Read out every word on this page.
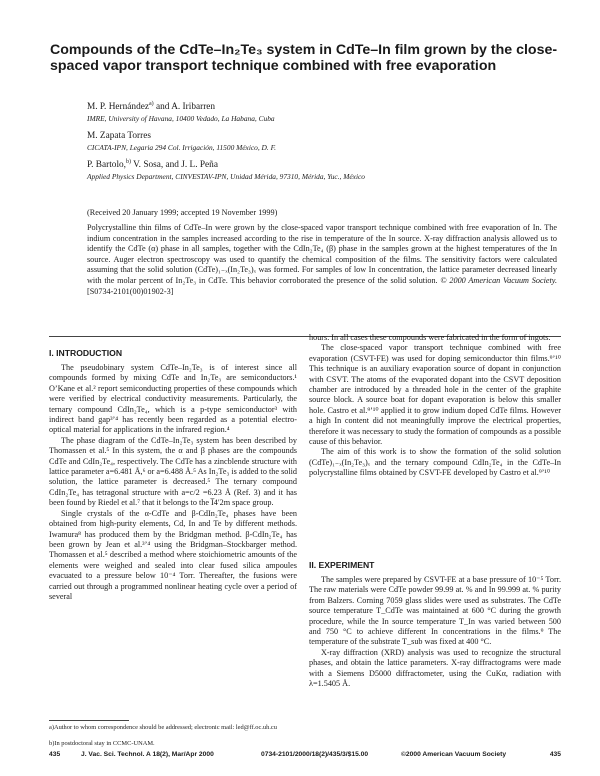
Compounds of the CdTe–In₂Te₃ system in CdTe–In film grown by the close-spaced vapor transport technique combined with free evaporation
M. P. Hernández$^{a)}$ and A. Iribarren
IMRE, University of Havana, 10400 Vedado, La Habana, Cuba
M. Zapata Torres
CICATA-IPN, Legaria 294 Col. Irrigación, 11500 México, D. F.
P. Bartolo,$^{b)}$ V. Sosa, and J. L. Peña
Applied Physics Department, CINVESTAV-IPN, Unidad Mérida, 97310, Mérida, Yuc., México
(Received 20 January 1999; accepted 19 November 1999)

Polycrystalline thin films of CdTe–In were grown by the close-spaced vapor transport technique combined with free evaporation of In. The indium concentration in the samples increased according to the rise in temperature of the In source. X-ray diffraction analysis allowed us to identify the CdTe (α) phase in all samples, together with the CdIn₂Te₄ (β) phase in the samples grown at the highest temperatures of the In source. Auger electron spectroscopy was used to quantify the chemical composition of the films. The sensitivity factors were calculated assuming that the solid solution (CdTe)₁₋ₓ(In₂Te₃)ₓ was formed. For samples of low In concentration, the lattice parameter decreased linearly with the molar percent of In₂Te₃ in CdTe. This behavior corroborated the presence of the solid solution. © 2000 American Vacuum Society. [S0734-2101(00)01902-3]

I. INTRODUCTION

The pseudobinary system CdTe–In₂Te₃ is of interest since all compounds formed by mixing CdTe and In₂Te₃ are semiconductors.¹ O’Kane et al.² report semiconducting properties of these compounds which were verified by electrical conductivity measurements. Particularly, the ternary compound CdIn₂Te₄, which is a p-type semiconductor³ with indirect band gap³ʼ⁴ has recently been regarded as a potential electro-optical material for applications in the infrared region.⁴

The phase diagram of the CdTe–In₂Te₃ system has been described by Thomassen et al.⁵ In this system, the α and β phases are the compounds CdTe and CdIn₂Te₄, respectively. The CdTe has a zincblende structure with lattice parameter a=6.481 Å,⁶ or a=6.488 Å.⁵ As In₂Te₃ is added to the solid solution, the lattice parameter is decreased.⁵ The ternary compound CdIn₂Te₄ has tetragonal structure with a=c/2 =6.23 Å (Ref. 3) and it has been found by Riedel et al.⁷ that it belongs to the I̅4′2m space group.

Single crystals of the α-CdTe and β-CdIn₂Te₄ phases have been obtained from high-purity elements, Cd, In and Te by different methods. Iwamura⁸ has produced them by the Bridgman method. β-CdIn₂Te₄ has been grown by Jean et al.³ʼ⁴ using the Bridgman–Stockbarger method. Thomassen et al.⁵ described a method where stoichiometric amounts of the elements were weighed and sealed into clear fused silica ampoules evacuated to a pressure below 10⁻⁴ Torr. Thereafter, the fusions were carried out through a programmed nonlinear heating cycle over a period of several

hours. In all cases these compounds were fabricated in the form of ingots.

The close-spaced vapor transport technique combined with free evaporation (CSVT-FE) was used for doping semiconductor thin films.⁹ʼ¹⁰ This technique is an auxiliary evaporation source of dopant in conjunction with CSVT. The atoms of the evaporated dopant into the CSVT deposition chamber are introduced by a threaded hole in the center of the graphite source block. A source boat for dopant evaporation is below this smaller hole. Castro et al.⁹ʼ¹⁰ applied it to grow indium doped CdTe films. However a high In content did not meaningfully improve the electrical properties, therefore it was necessary to study the formation of compounds as a possible cause of this behavior.

The aim of this work is to show the formation of the solid solution (CdTe)₁₋ₓ(In₂Te₃)ₓ and the ternary compound CdIn₂Te₄ in the CdTe–In polycrystalline films obtained by CSVT-FE developed by Castro et al.⁹ʼ¹⁰

II. EXPERIMENT

The samples were prepared by CSVT-FE at a base pressure of 10⁻⁵ Torr. The raw materials were CdTe powder 99.99 at. % and In 99.999 at. % purity from Balzers. Corning 7059 glass slides were used as substrates. The CdTe source temperature T_CdTe was maintained at 600 °C during the growth procedure, while the In source temperature T_In was varied between 500 and 750 °C to achieve different In concentrations in the films.⁹ The temperature of the substrate T_sub was fixed at 400 °C.

X-ray diffraction (XRD) analysis was used to recognize the structural phases, and obtain the lattice parameters. X-ray diffractograms were made with a Siemens D5000 diffractometer, using the CuKα, radiation with λ=1.5405 Å.

a)Author to whom correspondence should be addressed; electronic mail: led@ff.oc.uh.cu
b)In postdoctoral stay in CCMC-UNAM.
435	J. Vac. Sci. Technol. A 18(2), Mar/Apr 2000	0734-2101/2000/18(2)/435/3/$15.00	©2000 American Vacuum Society	435
